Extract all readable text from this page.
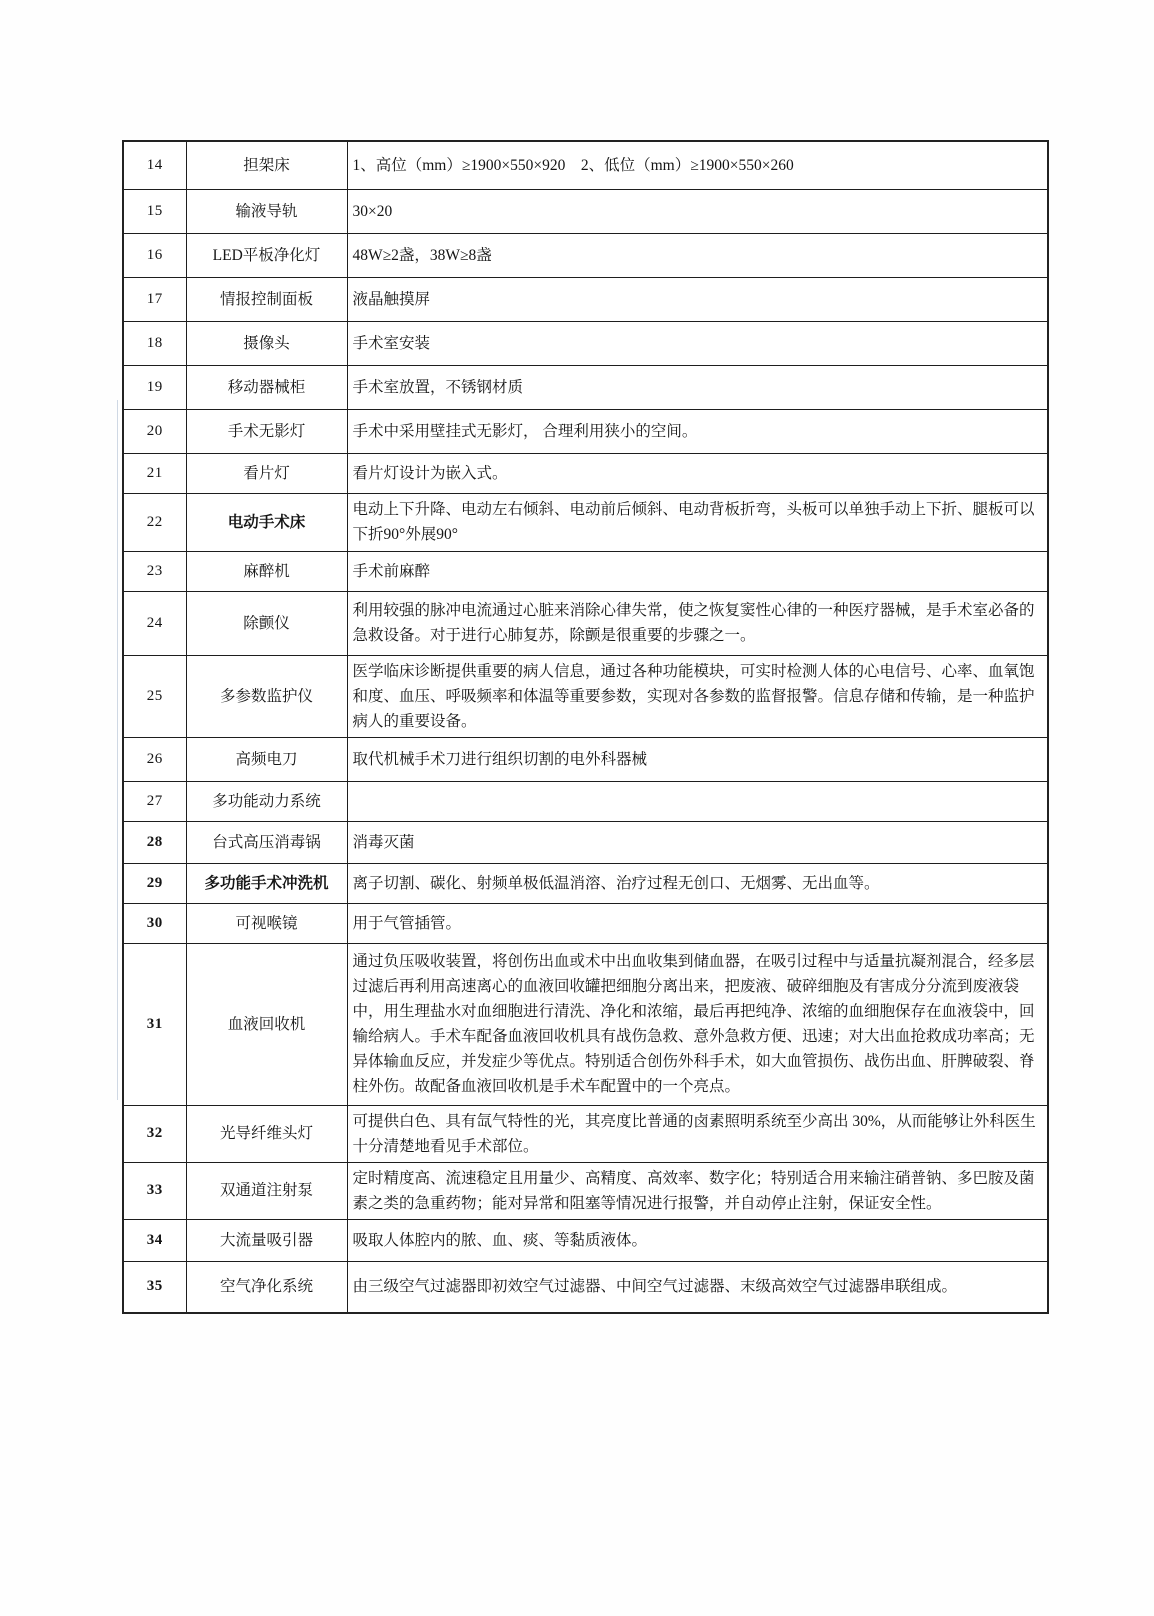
14	担架床	1、高位（mm）≥1900×550×920　2、低位（mm）≥1900×550×260
15	输液导轨	30×20
16	LED平板净化灯	48W≥2盏，38W≥8盏
17	情报控制面板	液晶触摸屏
18	摄像头	手术室安装
19	移动器械柜	手术室放置，不锈钢材质
20	手术无影灯	手术中采用壁挂式无影灯， 合理利用狭小的空间。
21	看片灯	看片灯设计为嵌入式。
22	电动手术床	电动上下升降、电动左右倾斜、电动前后倾斜、电动背板折弯，头板可以单独手动上下折、腿板可以下折90°外展90°
23	麻醉机	手术前麻醉
24	除颤仪	利用较强的脉冲电流通过心脏来消除心律失常，使之恢复窦性心律的一种医疗器械，是手术室必备的急救设备。对于进行心肺复苏，除颤是很重要的步骤之一。
25	多参数监护仪	医学临床诊断提供重要的病人信息，通过各种功能模块，可实时检测人体的心电信号、心率、血氧饱和度、血压、呼吸频率和体温等重要参数，实现对各参数的监督报警。信息存储和传输，是一种监护病人的重要设备。
26	高频电刀	取代机械手术刀进行组织切割的电外科器械
27	多功能动力系统	
28	台式高压消毒锅	消毒灭菌
29	多功能手术冲洗机	离子切割、碳化、射频单极低温消溶、治疗过程无创口、无烟雾、无出血等。
30	可视喉镜	用于气管插管。
31	血液回收机	通过负压吸收装置，将创伤出血或术中出血收集到储血器，在吸引过程中与适量抗凝剂混合，经多层过滤后再利用高速离心的血液回收罐把细胞分离出来，把废液、破碎细胞及有害成分分流到废液袋中，用生理盐水对血细胞进行清洗、净化和浓缩，最后再把纯净、浓缩的血细胞保存在血液袋中，回输给病人。手术车配备血液回收机具有战伤急救、意外急救方便、迅速；对大出血抢救成功率高；无异体输血反应，并发症少等优点。特别适合创伤外科手术，如大血管损伤、战伤出血、肝脾破裂、脊柱外伤。故配备血液回收机是手术车配置中的一个亮点。
32	光导纤维头灯	可提供白色、具有氙气特性的光，其亮度比普通的卤素照明系统至少高出 30%，从而能够让外科医生十分清楚地看见手术部位。
33	双通道注射泵	定时精度高、流速稳定且用量少、高精度、高效率、数字化；特别适合用来输注硝普钠、多巴胺及菌素之类的急重药物；能对异常和阻塞等情况进行报警，并自动停止注射，保证安全性。
34	大流量吸引器	吸取人体腔内的脓、血、痰、等黏质液体。
35	空气净化系统	由三级空气过滤器即初效空气过滤器、中间空气过滤器、末级高效空气过滤器串联组成。
